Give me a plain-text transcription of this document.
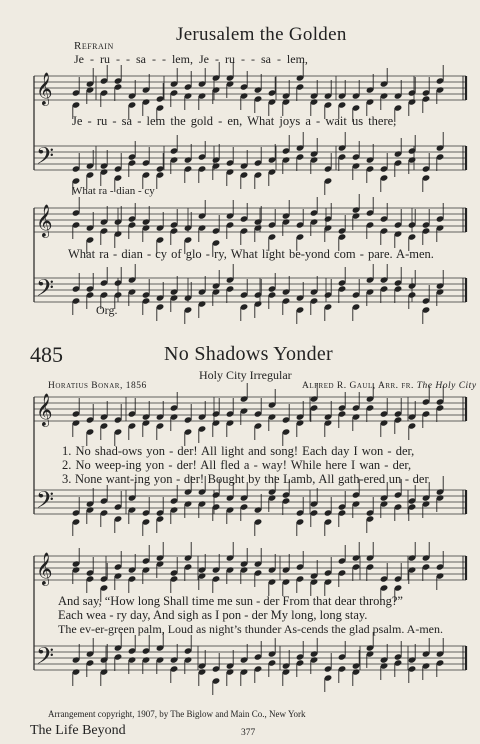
Jerusalem the Golden
Refrain
Je - ru - - sa - - lem, Je - ru - - sa - lem,
𝄞
𝄢
𝄞
𝄢
𝄞
𝄢
𝄞
𝄢
Je - ru - sa - lem the gold - en, What joys a - wait us there,
What ra - dian - cy
What ra - dian - cy of glo - ry, What light be-yond com - pare. A-men.
Org.
485	No Shadows Yonder
Holy City Irregular
Horatius Bonar, 1856	Alfred R. Gaul, Arr. fr. The Holy City
1. No shad-ows yon - der! All light and song! Each day I won - der,
2. No weep-ing yon - der! All fled a - way! While here I wan - der,
3. None want-ing yon - der! Bought by the Lamb, All gath-ered un - der
And say, “How long Shall time me sun - der From that dear throng?”
Each wea - ry day, And sigh as I pon - der My long, long stay.
The ev-er-green palm, Loud as night’s thunder As-cends the glad psalm. A-men.
Arrangement copyright, 1907, by The Biglow and Main Co., New York
The Life Beyond	377
